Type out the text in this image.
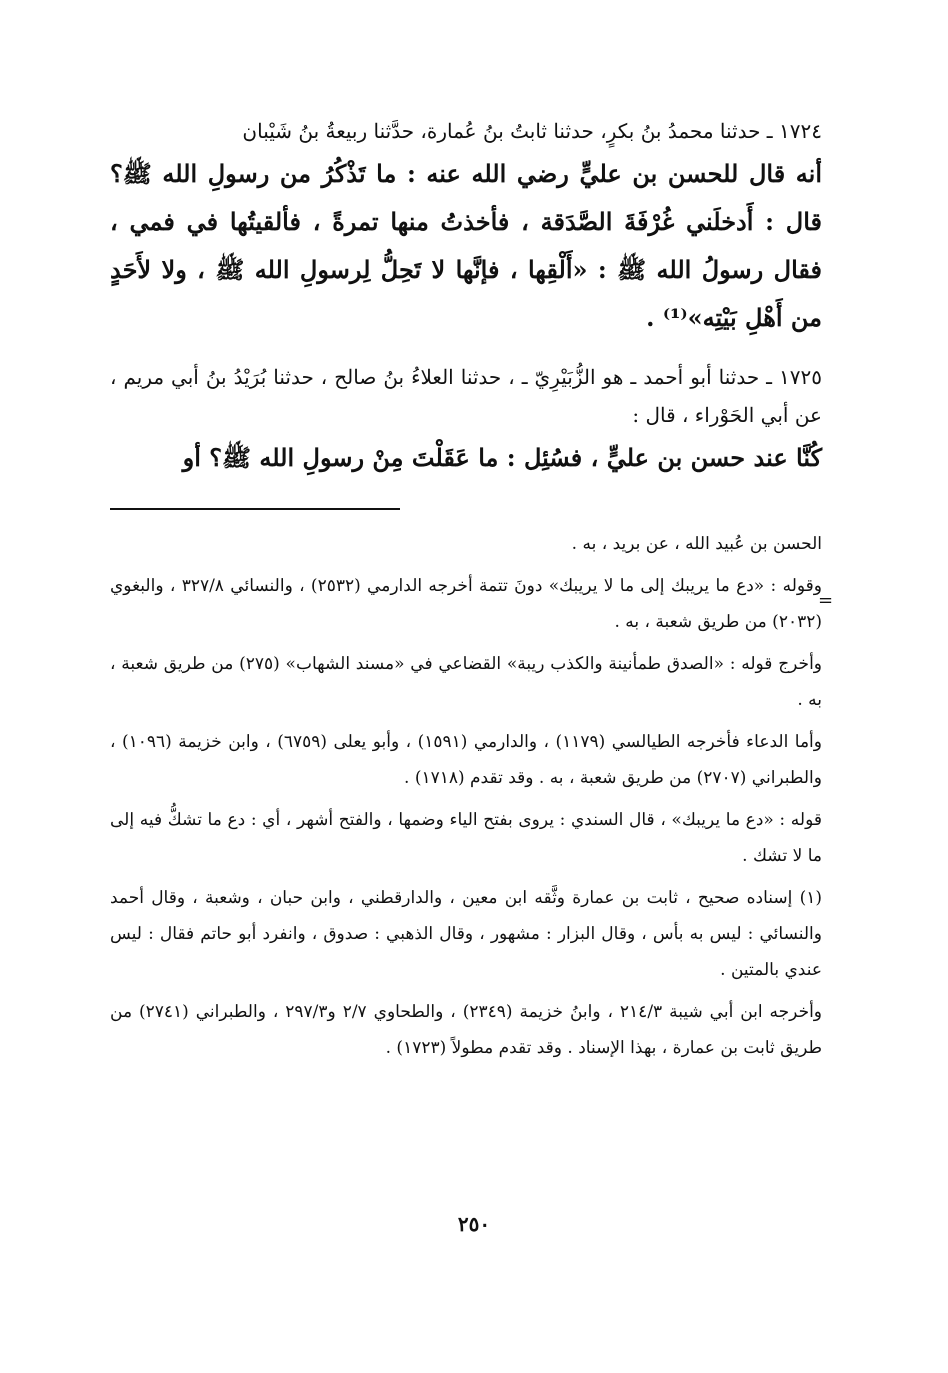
١٧٢٤ ـ حدثنا محمدُ بنُ بكرٍ، حدثنا ثابتُ بنُ عُمارة، حدَّثنا ربيعةُ بنُ شَيْبان

أنه قال للحسن بن عليٍّ رضي الله عنه : ما تَذْكُرُ من رسولِ الله ﷺ؟ قال : أَدخلَني غُرْفَةَ الصَّدَقة ، فأخذتُ منها تمرةً ، فألقيتُها في فمي ، فقال رسولُ الله ﷺ : «أَلْقِها ، فإنَّها لا تَحِلُّ لِرسولِ الله ﷺ ، ولا لأَحَدٍ من أَهْلِ بَيْتِه»⁽¹⁾ .

١٧٢٥ ـ حدثنا أبو أحمد ـ هو الزُّبَيْرِيّ ـ ، حدثنا العلاءُ بنُ صالح ، حدثنا بُرَيْدُ بنُ أبي مريم ، عن أبي الحَوْراء ، قال :

كُنَّا عند حسن بن عليٍّ ، فسُئِل : ما عَقَلْتَ مِنْ رسولِ الله ﷺ؟ أو

الحسن بن عُبيد الله ، عن بريد ، به .

وقوله : «دع ما يريبك إلى ما لا يريبك» دونَ تتمة أخرجه الدارمي (٢٥٣٢) ، والنسائي ٣٢٧/٨ ، والبغوي (٢٠٣٢) من طريق شعبة ، به .

وأخرج قوله : «الصدق طمأنينة والكذب ريبة» القضاعي في «مسند الشهاب» (٢٧٥) من طريق شعبة ، به .

وأما الدعاء فأخرجه الطيالسي (١١٧٩) ، والدارمي (١٥٩١) ، وأبو يعلى (٦٧٥٩) ، وابن خزيمة (١٠٩٦) ، والطبراني (٢٧٠٧) من طريق شعبة ، به . وقد تقدم (١٧١٨) .

قوله : «دع ما يريبك» ، قال السندي : يروى بفتح الياء وضمها ، والفتح أشهر ، أي : دع ما تشكُّ فيه إلى ما لا تشك .

(١) إسناده صحيح ، ثابت بن عمارة وثَّقه ابن معين ، والدارقطني ، وابن حبان ، وشعبة ، وقال أحمد والنسائي : ليس به بأس ، وقال البزار : مشهور ، وقال الذهبي : صدوق ، وانفرد أبو حاتم فقال : ليس عندي بالمتين .

وأخرجه ابن أبي شيبة ٢١٤/٣ ، وابنُ خزيمة (٢٣٤٩) ، والطحاوي ٢/٧ و٢٩٧/٣ ، والطبراني (٢٧٤١) من طريق ثابت بن عمارة ، بهذا الإسناد . وقد تقدم مطولاً (١٧٢٣) .

=
٢٥٠
